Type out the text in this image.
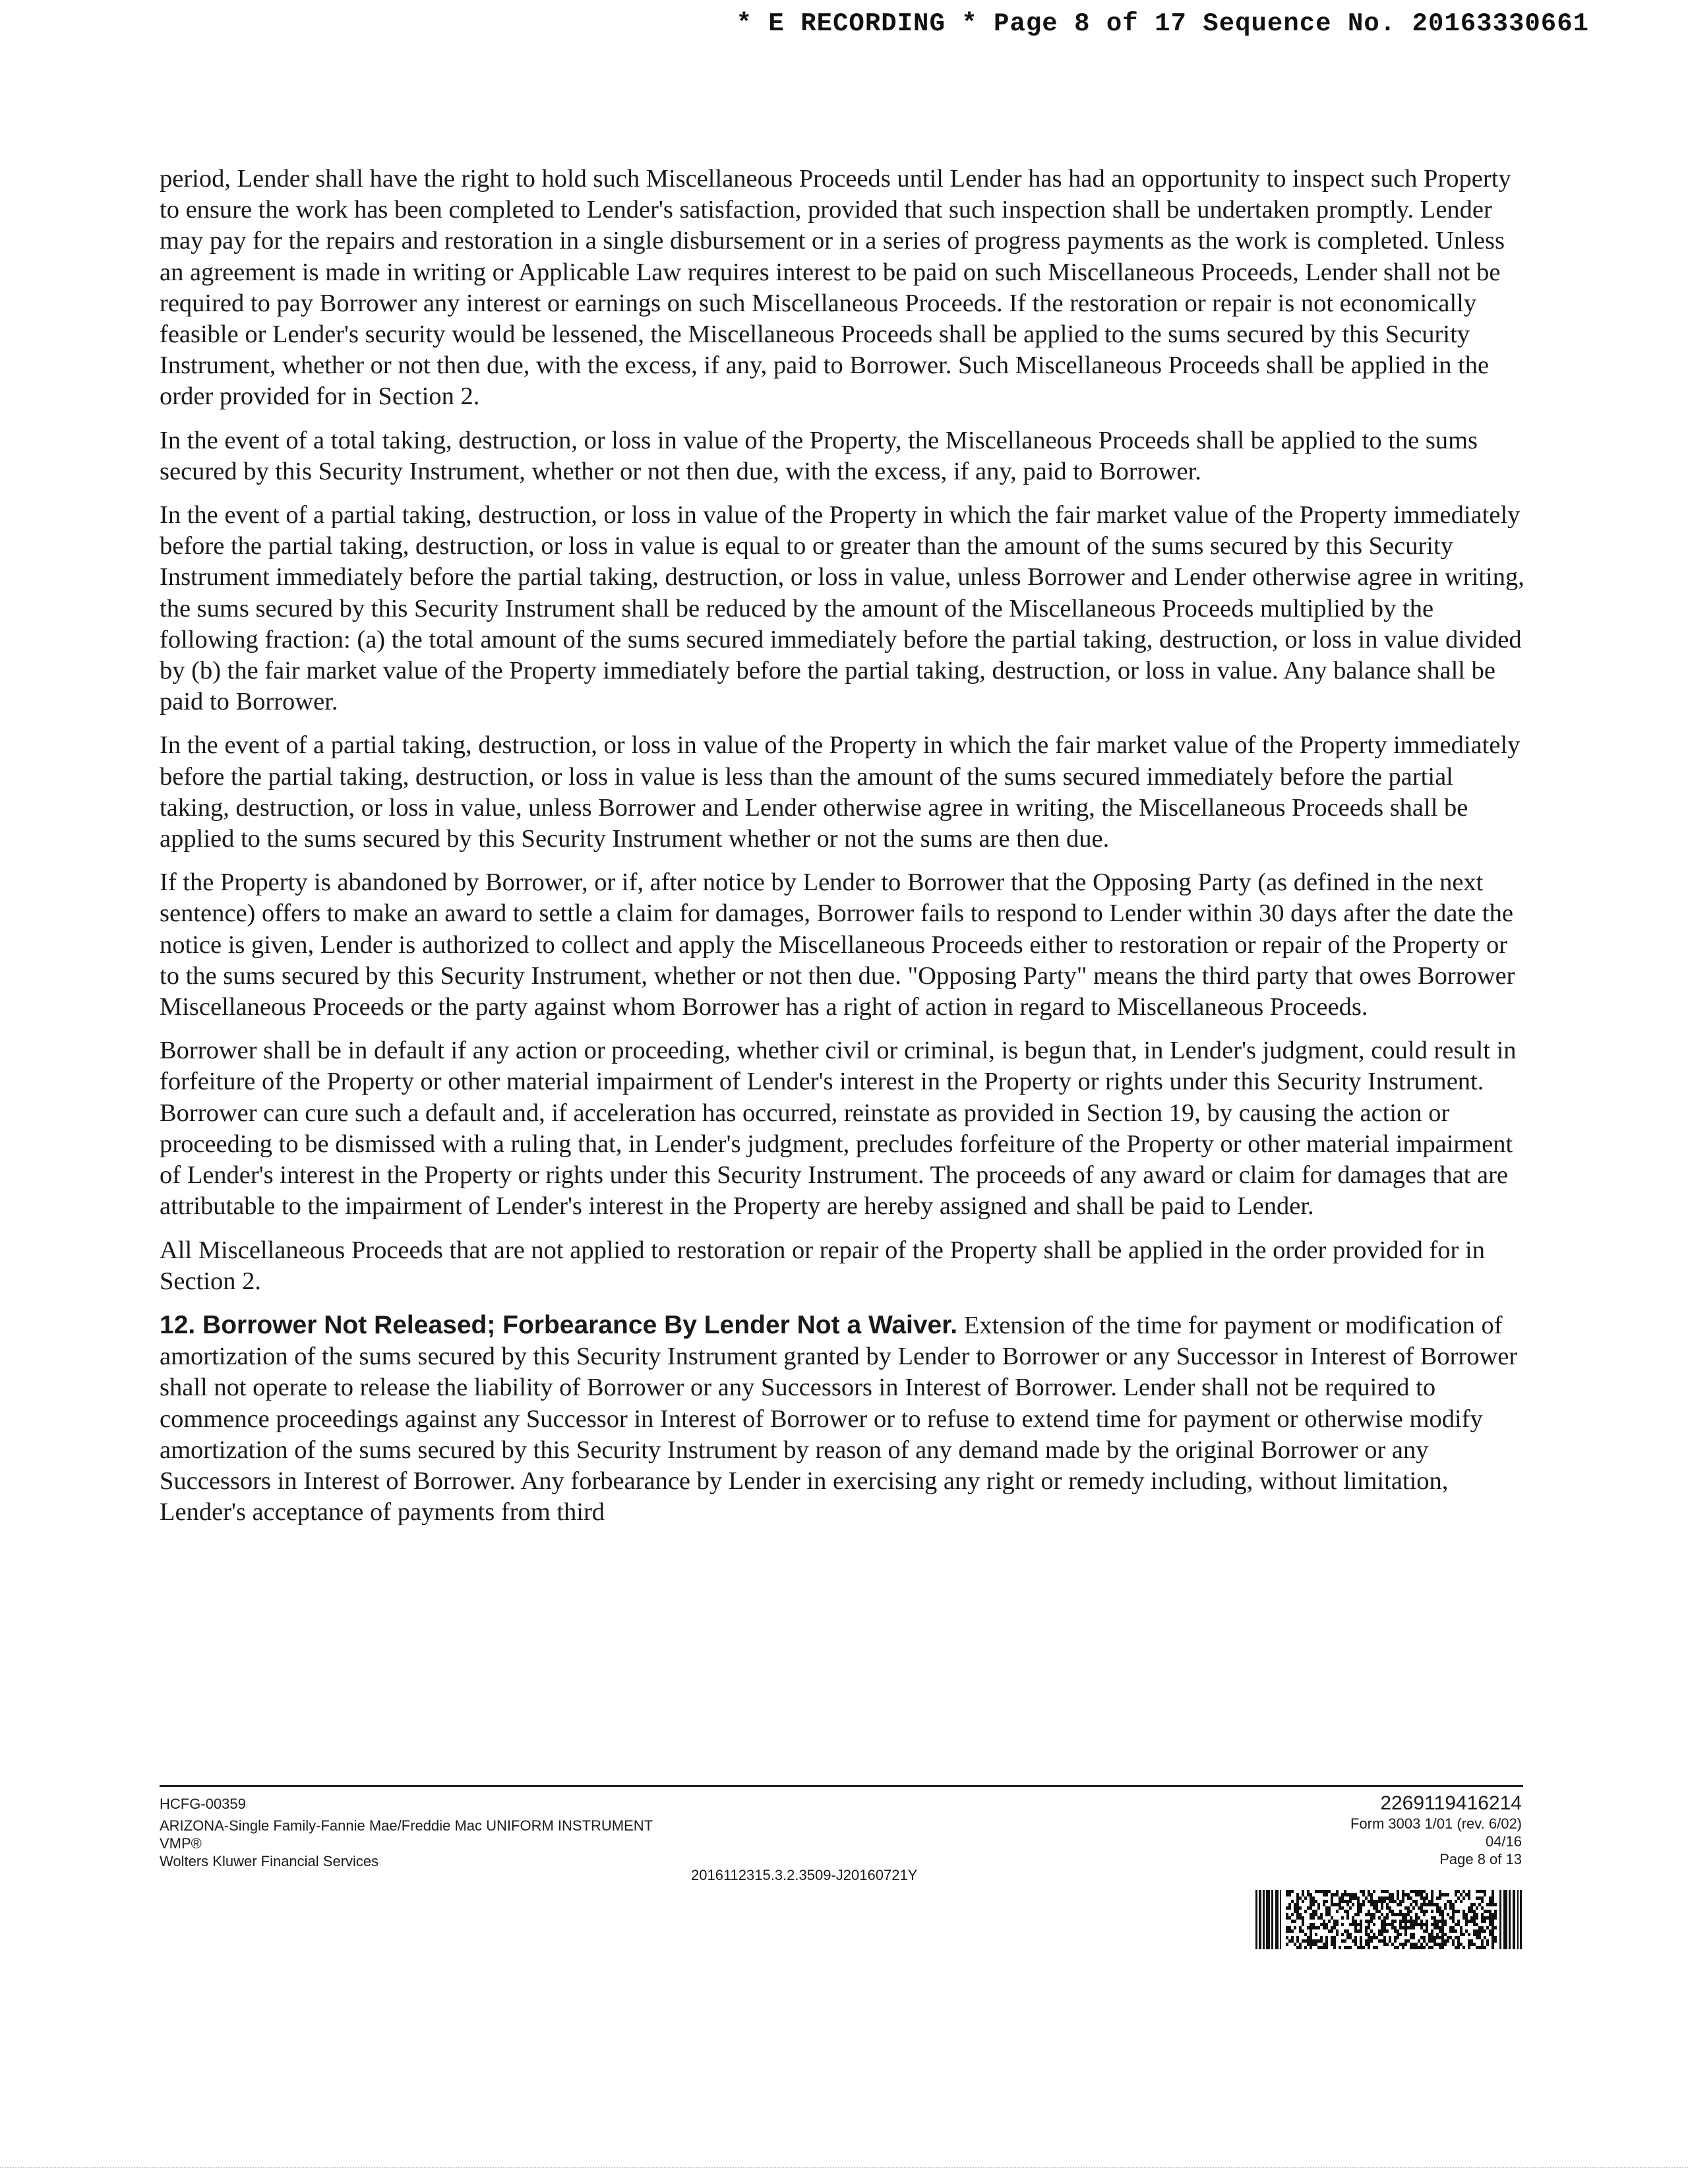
* E RECORDING * Page 8 of 17 Sequence No. 20163330661

period, Lender shall have the right to hold such Miscellaneous Proceeds until Lender has had an opportunity to inspect such Property to ensure the work has been completed to Lender's satisfaction, provided that such inspection shall be undertaken promptly. Lender may pay for the repairs and restoration in a single disbursement or in a series of progress payments as the work is completed. Unless an agreement is made in writing or Applicable Law requires interest to be paid on such Miscellaneous Proceeds, Lender shall not be required to pay Borrower any interest or earnings on such Miscellaneous Proceeds. If the restoration or repair is not economically feasible or Lender's security would be lessened, the Miscellaneous Proceeds shall be applied to the sums secured by this Security Instrument, whether or not then due, with the excess, if any, paid to Borrower. Such Miscellaneous Proceeds shall be applied in the order provided for in Section 2.

In the event of a total taking, destruction, or loss in value of the Property, the Miscellaneous Proceeds shall be applied to the sums secured by this Security Instrument, whether or not then due, with the excess, if any, paid to Borrower.

In the event of a partial taking, destruction, or loss in value of the Property in which the fair market value of the Property immediately before the partial taking, destruction, or loss in value is equal to or greater than the amount of the sums secured by this Security Instrument immediately before the partial taking, destruction, or loss in value, unless Borrower and Lender otherwise agree in writing, the sums secured by this Security Instrument shall be reduced by the amount of the Miscellaneous Proceeds multiplied by the following fraction: (a) the total amount of the sums secured immediately before the partial taking, destruction, or loss in value divided by (b) the fair market value of the Property immediately before the partial taking, destruction, or loss in value. Any balance shall be paid to Borrower.

In the event of a partial taking, destruction, or loss in value of the Property in which the fair market value of the Property immediately before the partial taking, destruction, or loss in value is less than the amount of the sums secured immediately before the partial taking, destruction, or loss in value, unless Borrower and Lender otherwise agree in writing, the Miscellaneous Proceeds shall be applied to the sums secured by this Security Instrument whether or not the sums are then due.

If the Property is abandoned by Borrower, or if, after notice by Lender to Borrower that the Opposing Party (as defined in the next sentence) offers to make an award to settle a claim for damages, Borrower fails to respond to Lender within 30 days after the date the notice is given, Lender is authorized to collect and apply the Miscellaneous Proceeds either to restoration or repair of the Property or to the sums secured by this Security Instrument, whether or not then due. "Opposing Party" means the third party that owes Borrower Miscellaneous Proceeds or the party against whom Borrower has a right of action in regard to Miscellaneous Proceeds.

Borrower shall be in default if any action or proceeding, whether civil or criminal, is begun that, in Lender's judgment, could result in forfeiture of the Property or other material impairment of Lender's interest in the Property or rights under this Security Instrument. Borrower can cure such a default and, if acceleration has occurred, reinstate as provided in Section 19, by causing the action or proceeding to be dismissed with a ruling that, in Lender's judgment, precludes forfeiture of the Property or other material impairment of Lender's interest in the Property or rights under this Security Instrument. The proceeds of any award or claim for damages that are attributable to the impairment of Lender's interest in the Property are hereby assigned and shall be paid to Lender.

All Miscellaneous Proceeds that are not applied to restoration or repair of the Property shall be applied in the order provided for in Section 2.

12. Borrower Not Released; Forbearance By Lender Not a Waiver. Extension of the time for payment or modification of amortization of the sums secured by this Security Instrument granted by Lender to Borrower or any Successor in Interest of Borrower shall not operate to release the liability of Borrower or any Successors in Interest of Borrower. Lender shall not be required to commence proceedings against any Successor in Interest of Borrower or to refuse to extend time for payment or otherwise modify amortization of the sums secured by this Security Instrument by reason of any demand made by the original Borrower or any Successors in Interest of Borrower. Any forbearance by Lender in exercising any right or remedy including, without limitation, Lender's acceptance of payments from third

HCFG-00359
ARIZONA-Single Family-Fannie Mae/Freddie Mac UNIFORM INSTRUMENT
VMP®
Wolters Kluwer Financial Services
2016112315.3.2.3509-J20160721Y
2269119416214
Form 3003 1/01 (rev. 6/02)
04/16
Page 8 of 13
